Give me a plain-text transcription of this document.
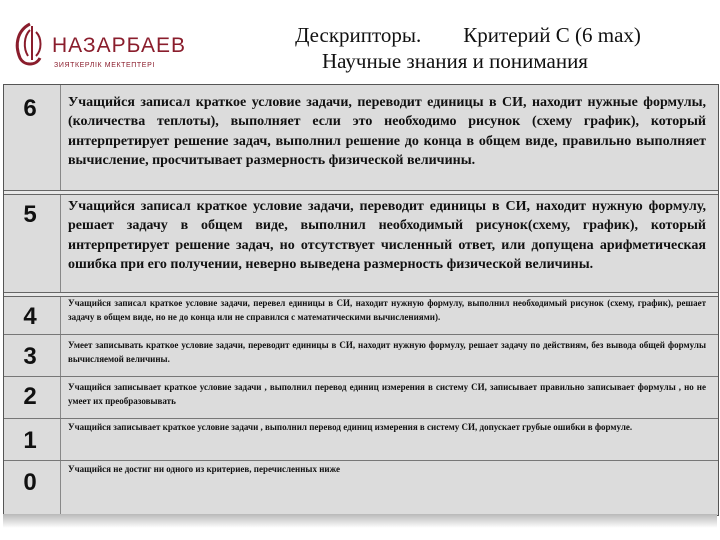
НАЗАРБАЕВ
ЗИЯТКЕРЛІК МЕКТЕПТЕРІ
Дескрипторы. Критерий С (6 max)
Научные знания и понимания
6	Учащийся записал краткое условие задачи, переводит единицы в СИ, находит нужные формулы, (количества теплоты), выполняет если это необходимо рисунок (схему график), который интерпретирует решение задач, выполнил решение до конца в общем виде, правильно выполняет вычисление, просчитывает размерность физической величины.
5	Учащийся записал краткое условие задачи, переводит единицы в СИ, находит нужную формулу, решает задачу в общем виде, выполнил необходимый рисунок(схему, график), который интерпретирует решение задач, но отсутствует численный ответ, или допущена арифметическая ошибка при его получении, неверно выведена размерность физической величины.
4	Учащийся записал краткое условие задачи, перевел единицы в СИ, находит нужную формулу, выполнил необходимый рисунок (схему, график), решает задачу в общем виде, но не до конца или не справился с математическими вычислениями).
3	Умеет записывать краткое условие задачи, переводит единицы в СИ, находит нужную формулу, решает задачу по действиям, без вывода общей формулы вычисляемой величины.
2	Учащийся записывает краткое условие задачи , выполнил перевод единиц измерения в систему СИ, записывает правильно записывает формулы , но не умеет их преобразовывать
1	Учащийся записывает краткое условие задачи , выполнил перевод единиц измерения в систему СИ, допускает грубые ошибки в формуле.
0	Учащийся не достиг ни одного из критериев, перечисленных ниже
